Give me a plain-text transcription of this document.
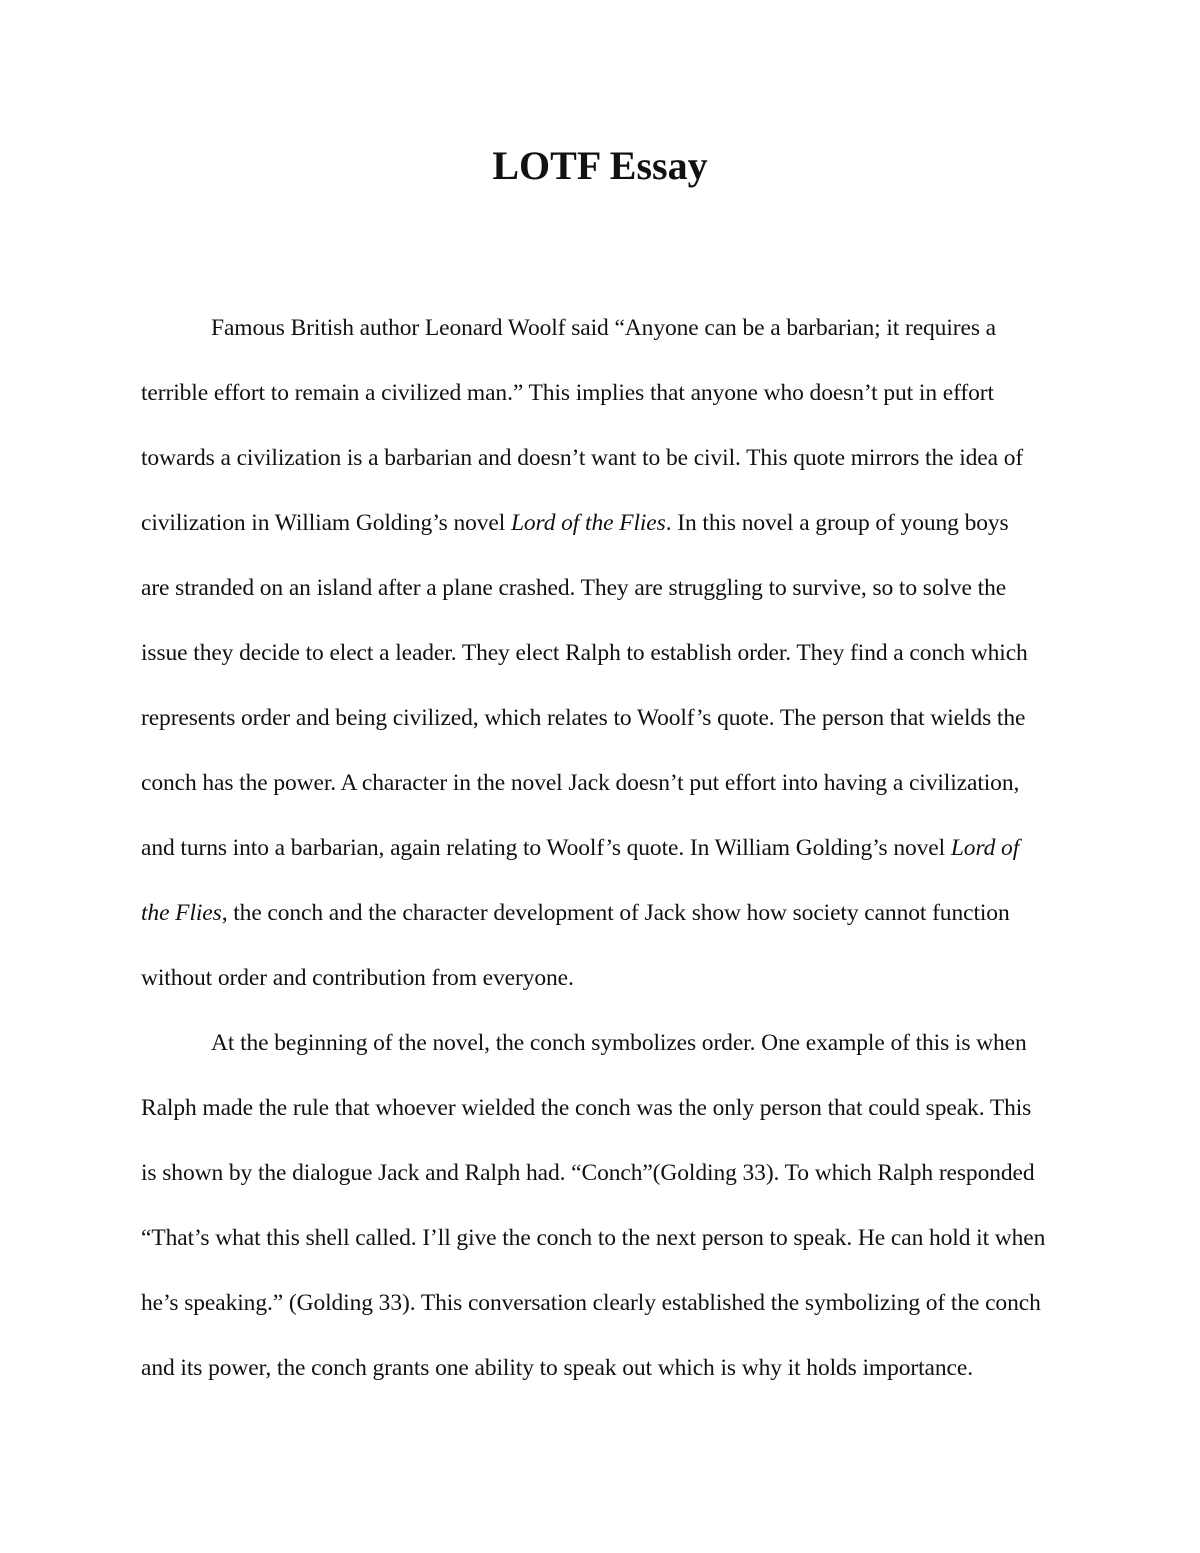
LOTF Essay
Famous British author Leonard Woolf said “Anyone can be a barbarian; it requires a
terrible effort to remain a civilized man.” This implies that anyone who doesn’t put in effort
towards a civilization is a barbarian and doesn’t want to be civil. This quote mirrors the idea of
civilization in William Golding’s novel Lord of the Flies. In this novel a group of young boys
are stranded on an island after a plane crashed. They are struggling to survive, so to solve the
issue they decide to elect a leader. They elect Ralph to establish order. They find a conch which
represents order and being civilized, which relates to Woolf’s quote. The person that wields the
conch has the power. A character in the novel Jack doesn’t put effort into having a civilization,
and turns into a barbarian, again relating to Woolf’s quote. In William Golding’s novel Lord of
the Flies, the conch and the character development of Jack show how society cannot function
without order and contribution from everyone.
At the beginning of the novel, the conch symbolizes order. One example of this is when
Ralph made the rule that whoever wielded the conch was the only person that could speak. This
is shown by the dialogue Jack and Ralph had. “Conch”(Golding 33). To which Ralph responded
“That’s what this shell called. I’ll give the conch to the next person to speak. He can hold it when
he’s speaking.” (Golding 33). This conversation clearly established the symbolizing of the conch
and its power, the conch grants one ability to speak out which is why it holds importance.
